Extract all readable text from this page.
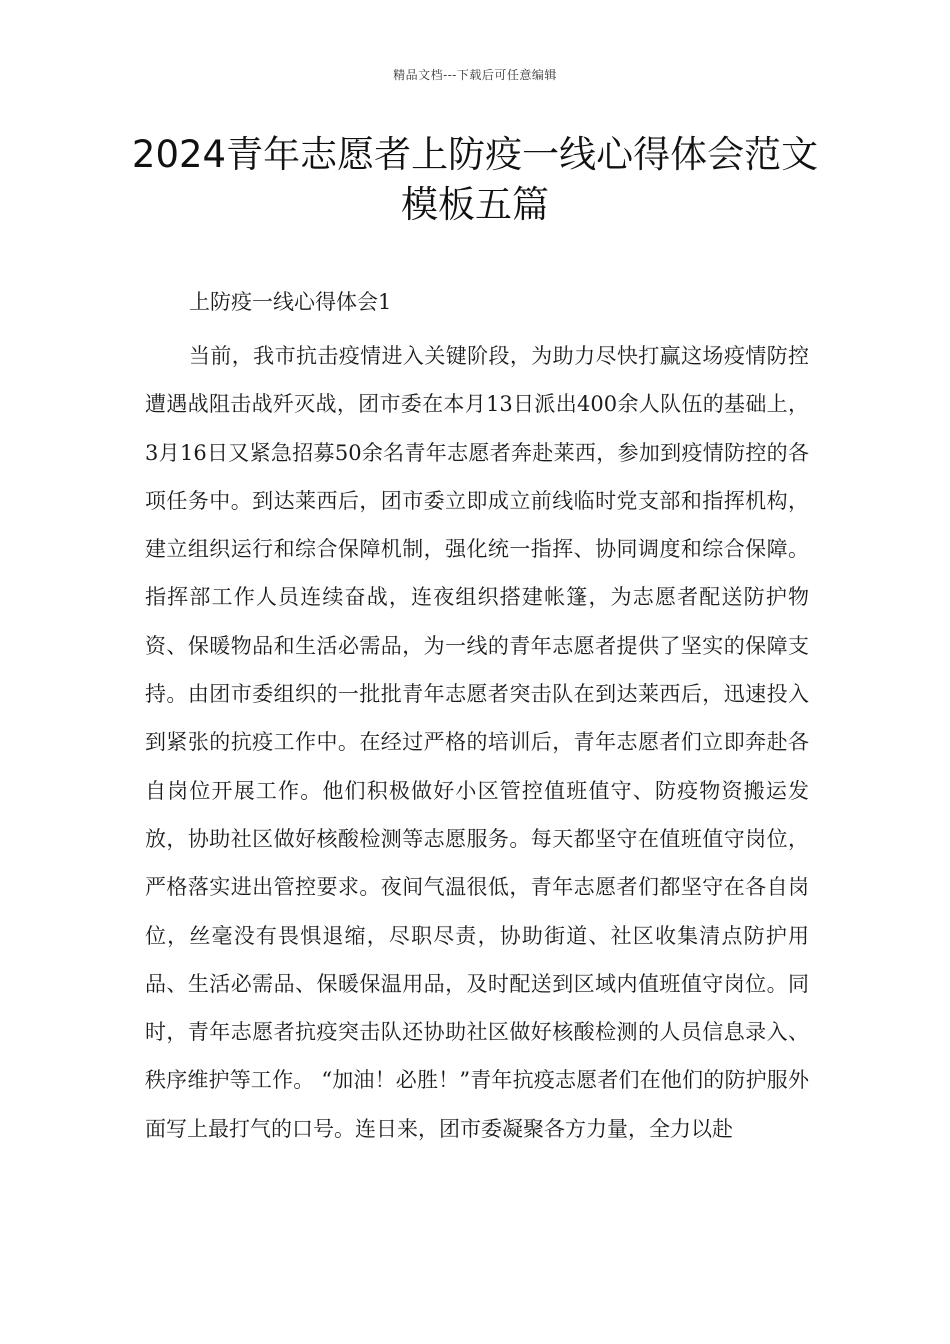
精品文档---下载后可任意编辑
2024青年志愿者上防疫一线心得体会范文模板五篇

上防疫一线心得体会1

当前，我市抗击疫情进入关键阶段，为助力尽快打赢这场疫情防控遭遇战阻击战歼灭战，团市委在本月13日派出400余人队伍的基础上，3月16日又紧急招募50余名青年志愿者奔赴莱西，参加到疫情防控的各项任务中。到达莱西后，团市委立即成立前线临时党支部和指挥机构，建立组织运行和综合保障机制，强化统一指挥、协同调度和综合保障。指挥部工作人员连续奋战，连夜组织搭建帐篷，为志愿者配送防护物资、保暖物品和生活必需品，为一线的青年志愿者提供了坚实的保障支持。由团市委组织的一批批青年志愿者突击队在到达莱西后，迅速投入到紧张的抗疫工作中。在经过严格的培训后，青年志愿者们立即奔赴各自岗位开展工作。他们积极做好小区管控值班值守、防疫物资搬运发放，协助社区做好核酸检测等志愿服务。每天都坚守在值班值守岗位，严格落实进出管控要求。夜间气温很低，青年志愿者们都坚守在各自岗位，丝毫没有畏惧退缩，尽职尽责，协助街道、社区收集清点防护用品、生活必需品、保暖保温用品，及时配送到区域内值班值守岗位。同时，青年志愿者抗疫突击队还协助社区做好核酸检测的人员信息录入、秩序维护等工作。 “加油！必胜！”青年抗疫志愿者们在他们的防护服外面写上最打气的口号。连日来，团市委凝聚各方力量，全力以赴
